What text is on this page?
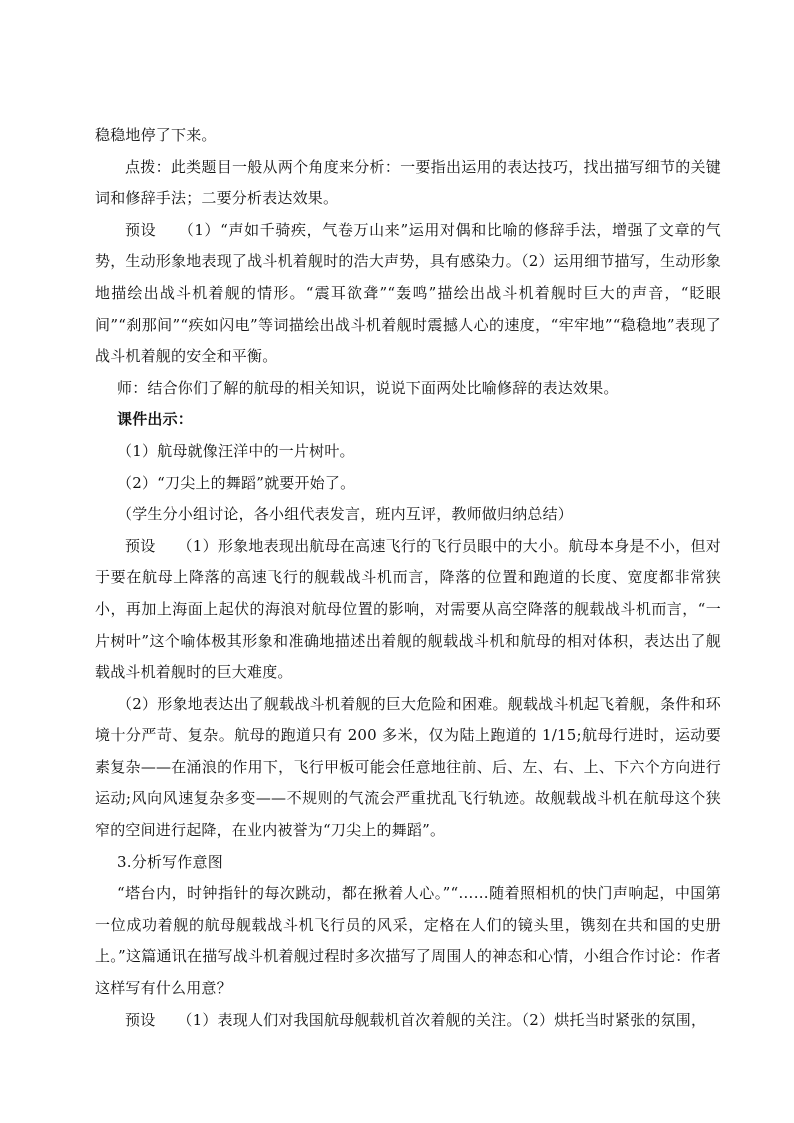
稳稳地停了下来。

点拨：此类题目一般从两个角度来分析：一要指出运用的表达技巧，找出描写细节的关键词和修辞手法；二要分析表达效果。

预设 （1）“声如千骑疾，气卷万山来”运用对偶和比喻的修辞手法，增强了文章的气势，生动形象地表现了战斗机着舰时的浩大声势，具有感染力。（2）运用细节描写，生动形象地描绘出战斗机着舰的情形。“震耳欲聋”“轰鸣”描绘出战斗机着舰时巨大的声音，“眨眼间”“刹那间”“疾如闪电”等词描绘出战斗机着舰时震撼人心的速度，“牢牢地”“稳稳地”表现了战斗机着舰的安全和平衡。

师：结合你们了解的航母的相关知识，说说下面两处比喻修辞的表达效果。

课件出示：

（1）航母就像汪洋中的一片树叶。

（2）“刀尖上的舞蹈”就要开始了。

（学生分小组讨论，各小组代表发言，班内互评，教师做归纳总结）

预设 （1）形象地表现出航母在高速飞行的飞行员眼中的大小。航母本身是不小，但对于要在航母上降落的高速飞行的舰载战斗机而言，降落的位置和跑道的长度、宽度都非常狭小，再加上海面上起伏的海浪对航母位置的影响，对需要从高空降落的舰载战斗机而言，“一片树叶”这个喻体极其形象和准确地描述出着舰的舰载战斗机和航母的相对体积，表达出了舰载战斗机着舰时的巨大难度。

（2）形象地表达出了舰载战斗机着舰的巨大危险和困难。舰载战斗机起飞着舰，条件和环境十分严苛、复杂。航母的跑道只有 200 多米，仅为陆上跑道的 1/15;航母行进时，运动要素复杂——在涌浪的作用下，飞行甲板可能会任意地往前、后、左、右、上、下六个方向进行运动;风向风速复杂多变——不规则的气流会严重扰乱飞行轨迹。故舰载战斗机在航母这个狭窄的空间进行起降，在业内被誉为“刀尖上的舞蹈”。

3.分析写作意图

“塔台内，时钟指针的每次跳动，都在揪着人心。”“……随着照相机的快门声响起，中国第一位成功着舰的航母舰载战斗机飞行员的风采，定格在人们的镜头里，镌刻在共和国的史册上。”这篇通讯在描写战斗机着舰过程时多次描写了周围人的神态和心情，小组合作讨论：作者这样写有什么用意？

预设 （1）表现人们对我国航母舰载机首次着舰的关注。（2）烘托当时紧张的氛围，
